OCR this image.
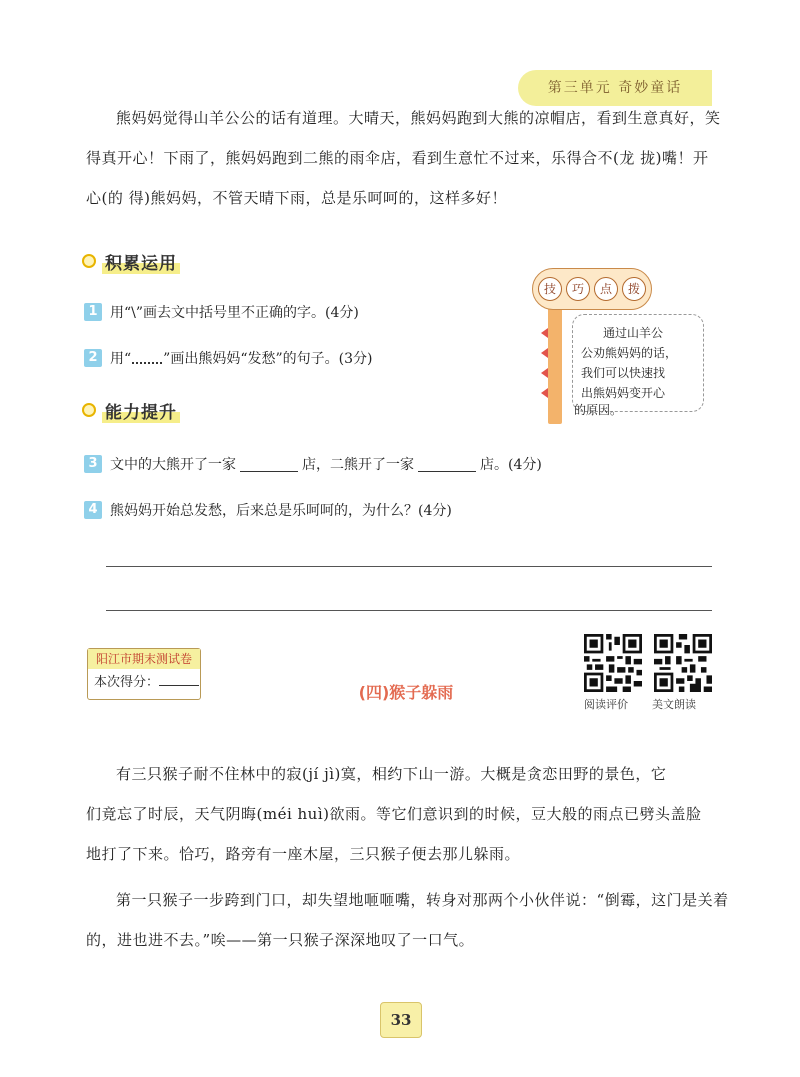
第三单元 奇妙童话

熊妈妈觉得山羊公公的话有道理。大晴天，熊妈妈跑到大熊的凉帽店，看到生意真好，笑

得真开心！下雨了，熊妈妈跑到二熊的雨伞店，看到生意忙不过来，乐得合不(龙 拢)嘴！开

心(的 得)熊妈妈，不管天晴下雨，总是乐呵呵的，这样多好！

积累运用
1 用“\”画去文中括号里不正确的字。(4分)
2 用“ ”画出熊妈妈“发愁”的句子。(3分)
技	巧	点	拨
通过山羊公
公劝熊妈妈的话，
我们可以快速找
出熊妈妈变开心
的原因。
能力提升
3 文中的大熊开了一家	店，二熊开了一家	店。(4分)
4 熊妈妈开始总发愁，后来总是乐呵呵的，为什么？(4分)
阳江市期末测试卷
本次得分：
(四)猴子躲雨
阅读评价 美文朗读

有三只猴子耐不住林中的寂(jí jì)寞，相约下山一游。大概是贪恋田野的景色，它

们竟忘了时辰，天气阴晦(méi huì)欲雨。等它们意识到的时候，豆大般的雨点已劈头盖脸

地打了下来。恰巧，路旁有一座木屋，三只猴子便去那儿躲雨。

第一只猴子一步跨到门口，却失望地咂咂嘴，转身对那两个小伙伴说：“倒霉，这门是关着

的，进也进不去。”唉——第一只猴子深深地叹了一口气。

33
